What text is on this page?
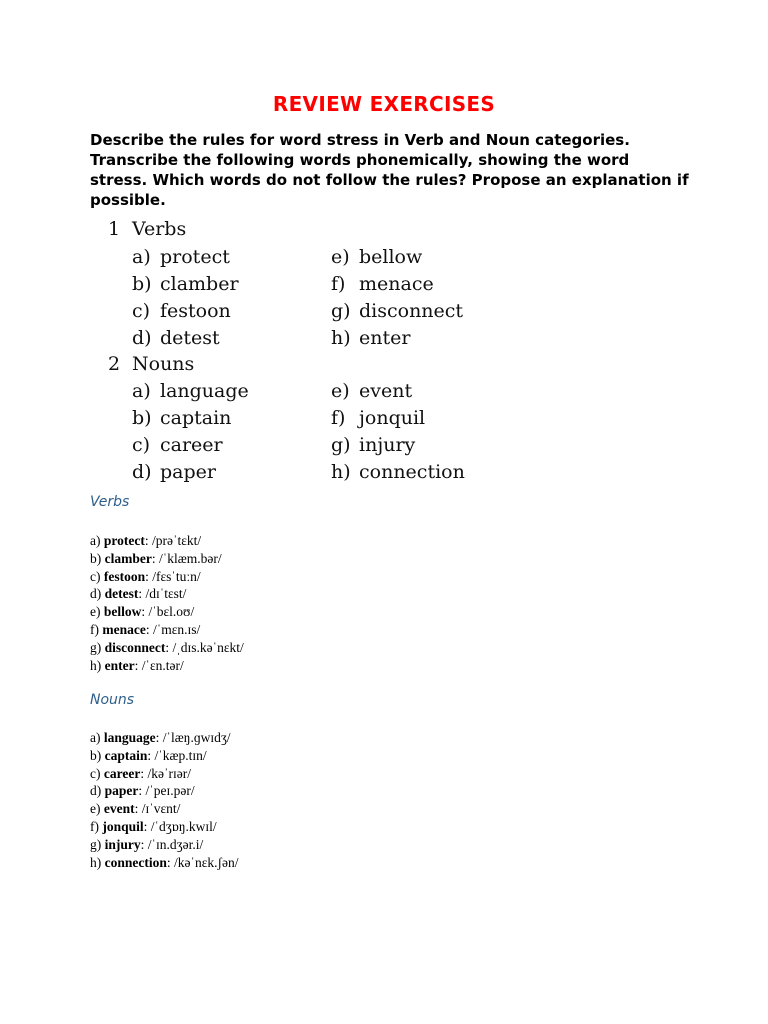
REVIEW EXERCISES
Describe the rules for word stress in Verb and Noun categories. Transcribe the following words phonemically, showing the word stress. Which words do not follow the rules? Propose an explanation if possible.
1 Verbs
a) protect
b) clamber
c) festoon
d) detest
e) bellow
f) menace
g) disconnect
h) enter
2 Nouns
a) language
b) captain
c) career
d) paper
e) event
f) jonquil
g) injury
h) connection
Verbs
a) protect: /prəˈtɛkt/
b) clamber: /ˈklæm.bər/
c) festoon: /fɛsˈtuːn/
d) detest: /dɪˈtɛst/
e) bellow: /ˈbɛl.oʊ/
f) menace: /ˈmɛn.ɪs/
g) disconnect: /ˌdɪs.kəˈnɛkt/
h) enter: /ˈɛn.tər/
Nouns
a) language: /ˈlæŋ.ɡwɪdʒ/
b) captain: /ˈkæp.tɪn/
c) career: /kəˈrɪər/
d) paper: /ˈpeɪ.pər/
e) event: /ɪˈvɛnt/
f) jonquil: /ˈdʒɒŋ.kwɪl/
g) injury: /ˈɪn.dʒər.i/
h) connection: /kəˈnɛk.ʃən/
